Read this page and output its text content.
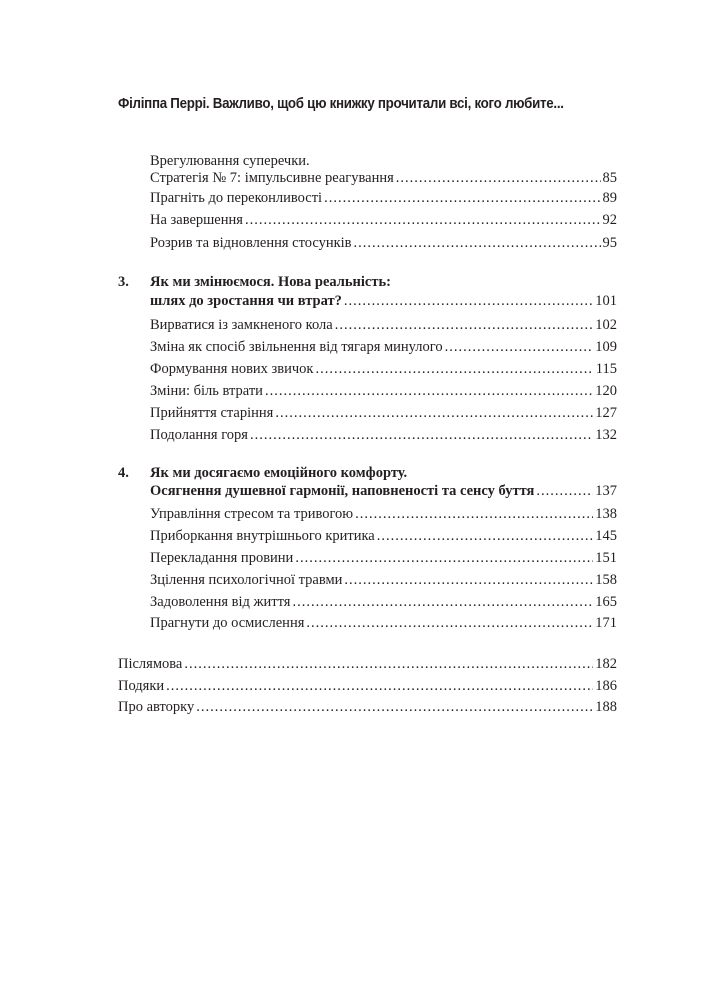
Філіппа Перрі. Важливо, щоб цю книжку прочитали всі, кого любите...
Врегулювання суперечки.
Стратегія № 7: імпульсивне реагування .....	85
Прагніть до переконливості .....	89
На завершення .....	92
Розрив та відновлення стосунків .....	95
3. Як ми змінюємося. Нова реальність:
шлях до зростання чи втрат? .....	101
Вирватися із замкненого кола .....	102
Зміна як спосіб звільнення від тягаря минулого .....	109
Формування нових звичок .....	115
Зміни: біль втрати .....	120
Прийняття старіння .....	127
Подолання горя .....	132
4. Як ми досягаємо емоційного комфорту.
Осягнення душевної гармонії, наповненості та сенсу буття .....	137
Управління стресом та тривогою .....	138
Приборкання внутрішнього критика .....	145
Перекладання провини .....	151
Зцілення психологічної травми .....	158
Задоволення від життя .....	165
Прагнути до осмислення .....	171
Післямова .....	182
Подяки .....	186
Про авторку .....	188
